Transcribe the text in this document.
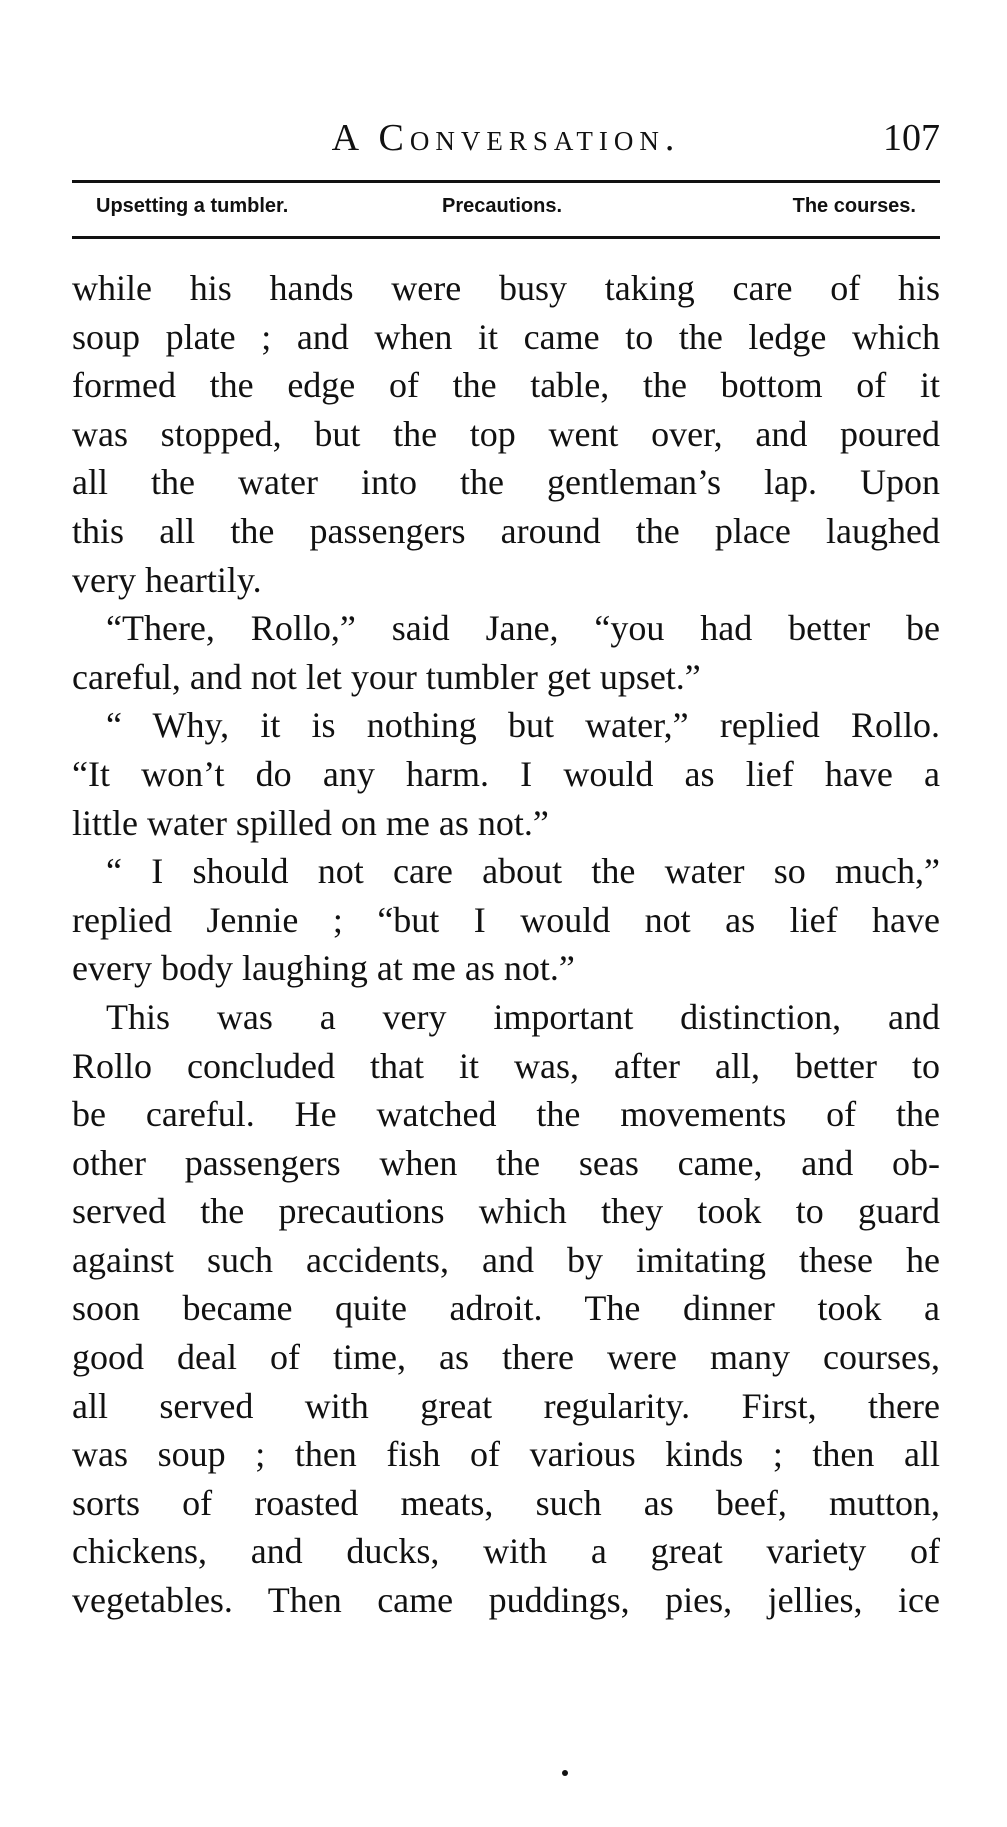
A Conversation.	107
Upsetting a tumbler.	Precautions.	The courses.
while his hands were busy taking care of his
soup plate ; and when it came to the ledge which
formed the edge of the table, the bottom of it
was stopped, but the top went over, and poured
all the water into the gentleman’s lap. Upon
this all the passengers around the place laughed
very heartily.
“There, Rollo,” said Jane, “you had better be
careful, and not let your tumbler get upset.”
“ Why, it is nothing but water,” replied Rollo.
“It won’t do any harm. I would as lief have a
little water spilled on me as not.”
“ I should not care about the water so much,”
replied Jennie ; “but I would not as lief have
every body laughing at me as not.”
This was a very important distinction, and
Rollo concluded that it was, after all, better to
be careful. He watched the movements of the
other passengers when the seas came, and ob-
served the precautions which they took to guard
against such accidents, and by imitating these he
soon became quite adroit. The dinner took a
good deal of time, as there were many courses,
all served with great regularity. First, there
was soup ; then fish of various kinds ; then all
sorts of roasted meats, such as beef, mutton,
chickens, and ducks, with a great variety of
vegetables. Then came puddings, pies, jellies, ice
